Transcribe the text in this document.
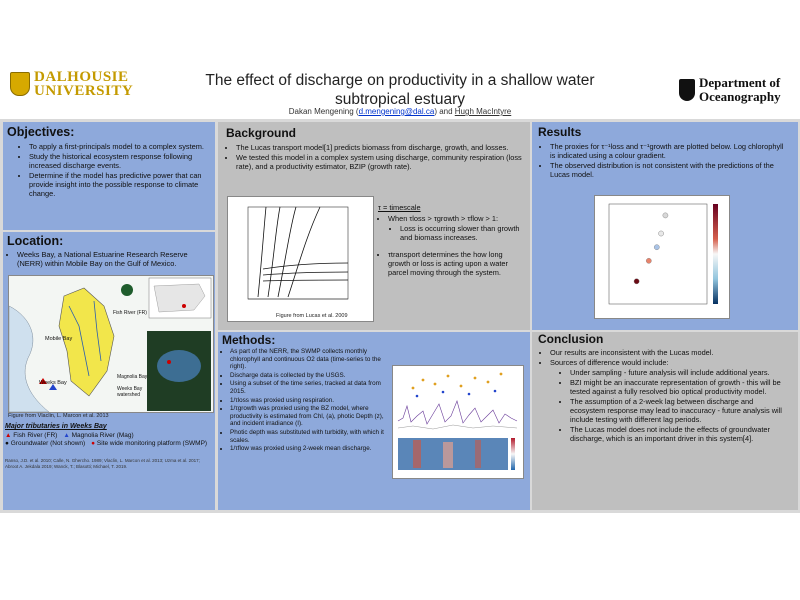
DALHOUSIE
UNIVERSITY
The effect of discharge on productivity in a shallow water
subtropical estuary
Dakan Mengening (d.mengening@dal.ca) and Hugh MacIntyre
Department of
Oceanography
Objectives:
• To apply a first-principals model to a complex system.
• Study the historical ecosystem response following increased discharge events.
• Determine if the model has predictive power that can provide insight into the possible response to climate change.
Location:
• Weeks Bay, a National Estuarine Research Reserve (NERR) within Mobile Bay on the Gulf of Mexico.
Mobile Bay
Weeks Bay
Fish River (FR)
Magnolia Bay
Weeks Bay watershed
Figure from Vlaclin, L. Marcon et al. 2013
Major tributaries in Weeks Bay
▲ Fish River (FR) ▲ Magnolia River (Mag)
● Groundwater (Not shown) ● Site wide monitoring platform (SWMP)
Ranso, J.D. et al. 2010; Calle, N. Ghercho. 1989; Vlaclin, L. Marcon et al. 2013; Uzma et al. 2017; Abroot A. Jekdala 2019; Wanck, T.; Blasotti; Michael, T. 2019.
Background
• The Lucas transport model[1] predicts biomass from discharge, growth, and losses.
• We tested this model in a complex system using discharge, community respiration (loss rate), and a productivity estimator, BZIP (growth rate).
Figure from Lucas et al. 2009
τ = timescale
• When τloss > τgrowth > τflow > 1:
• Loss is occurring slower than growth and biomass increases.
• τtransport determines the how long growth or loss is acting upon a water parcel moving through the system.
Methods:
• As part of the NERR, the SWMP collects monthly chlorophyll and continuous O2 data (time-series to the right).
• Discharge data is collected by the USGS.
• Using a subset of the time series, tracked at data from 2015.
• 1/τloss was proxied using respiration.
• 1/τgrowth was proxied using the BZ model, where productivity is estimated from Chl, (a), photic Depth (z), and incident irradiance (I).
• Photic depth was substituted with turbidity, with which it scales.
• 1/τflow was proxied using 2-week mean discharge.
Results
• The proxies for τ⁻¹loss and τ⁻¹growth are plotted below. Log chlorophyll is indicated using a colour gradient.
• The observed distribution is not consistent with the predictions of the Lucas model.
Conclusion
• Our results are inconsistent with the Lucas model.
• Sources of difference would include:
• Under sampling - future analysis will include additional years.
• BZI might be an inaccurate representation of growth - this will be tested against a fully resolved bio optical productivity model.
• The assumption of a 2-week lag between discharge and ecosystem response may lead to inaccuracy - future analysis will include testing with different lag periods.
• The Lucas model does not include the effects of groundwater discharge, which is an important driver in this system[4].
